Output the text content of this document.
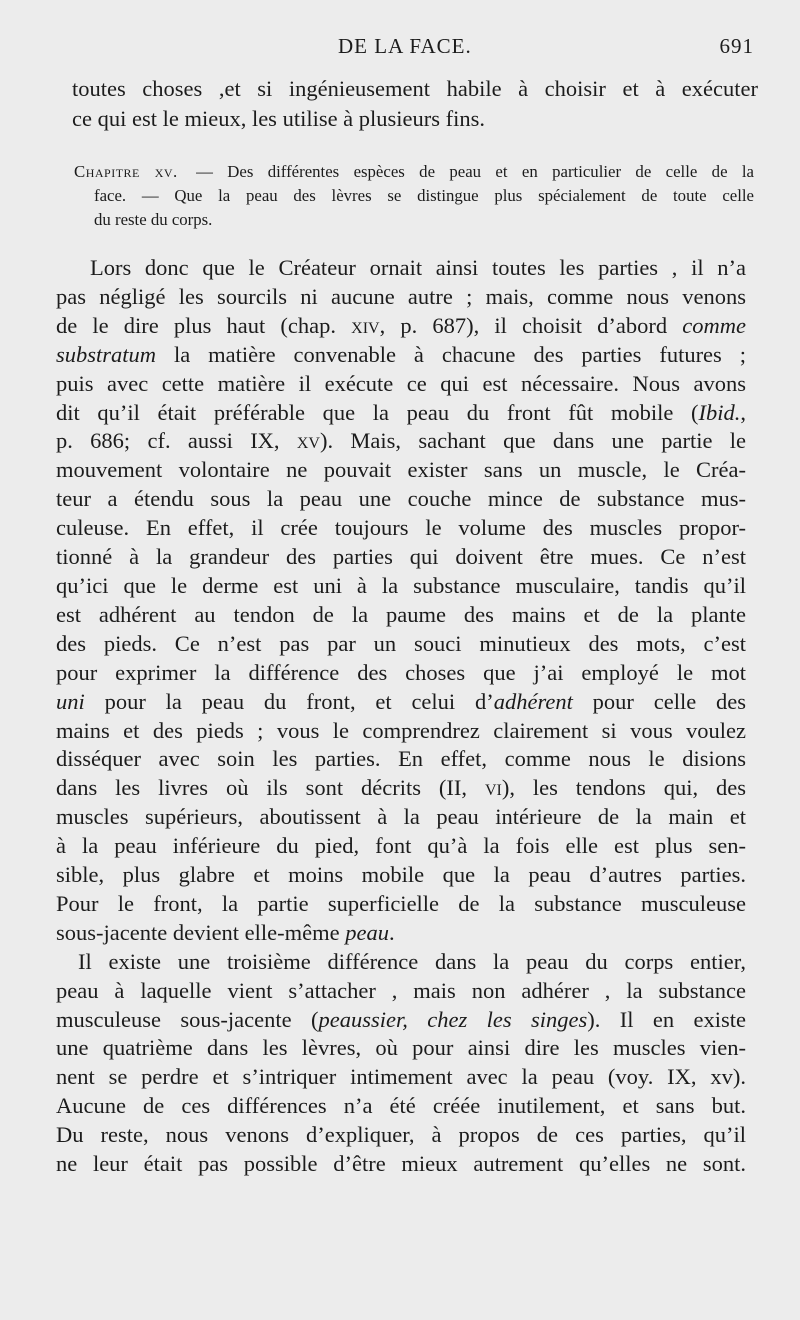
DE LA FACE.	691
toutes choses ,et si ingénieusement habile à choisir et à exécuter
ce qui est le mieux, les utilise à plusieurs fins.
Chapitre xv. — Des différentes espèces de peau et en particulier de celle de la
face. — Que la peau des lèvres se distingue plus spécialement de toute celle
du reste du corps.
Lors donc que le Créateur ornait ainsi toutes les parties , il n’a
pas négligé les sourcils ni aucune autre ; mais, comme nous venons
de le dire plus haut (chap. xiv, p. 687), il choisit d’abord comme
substratum la matière convenable à chacune des parties futures ;
puis avec cette matière il exécute ce qui est nécessaire. Nous avons
dit qu’il était préférable que la peau du front fût mobile (Ibid.,
p. 686; cf. aussi IX, xv). Mais, sachant que dans une partie le
mouvement volontaire ne pouvait exister sans un muscle, le Créa-
teur a étendu sous la peau une couche mince de substance mus-
culeuse. En effet, il crée toujours le volume des muscles propor-
tionné à la grandeur des parties qui doivent être mues. Ce n’est
qu’ici que le derme est uni à la substance musculaire, tandis qu’il
est adhérent au tendon de la paume des mains et de la plante
des pieds. Ce n’est pas par un souci minutieux des mots, c’est
pour exprimer la différence des choses que j’ai employé le mot
uni pour la peau du front, et celui d’adhérent pour celle des
mains et des pieds ; vous le comprendrez clairement si vous voulez
disséquer avec soin les parties. En effet, comme nous le disions
dans les livres où ils sont décrits (II, vi), les tendons qui, des
muscles supérieurs, aboutissent à la peau intérieure de la main et
à la peau inférieure du pied, font qu’à la fois elle est plus sen-
sible, plus glabre et moins mobile que la peau d’autres parties.
Pour le front, la partie superficielle de la substance musculeuse
sous-jacente devient elle-même peau.
Il existe une troisième différence dans la peau du corps entier,
peau à laquelle vient s’attacher , mais non adhérer , la substance
musculeuse sous-jacente (peaussier, chez les singes). Il en existe
une quatrième dans les lèvres, où pour ainsi dire les muscles vien-
nent se perdre et s’intriquer intimement avec la peau (voy. IX, xv).
Aucune de ces différences n’a été créée inutilement, et sans but.
Du reste, nous venons d’expliquer, à propos de ces parties, qu’il
ne leur était pas possible d’être mieux autrement qu’elles ne sont.
